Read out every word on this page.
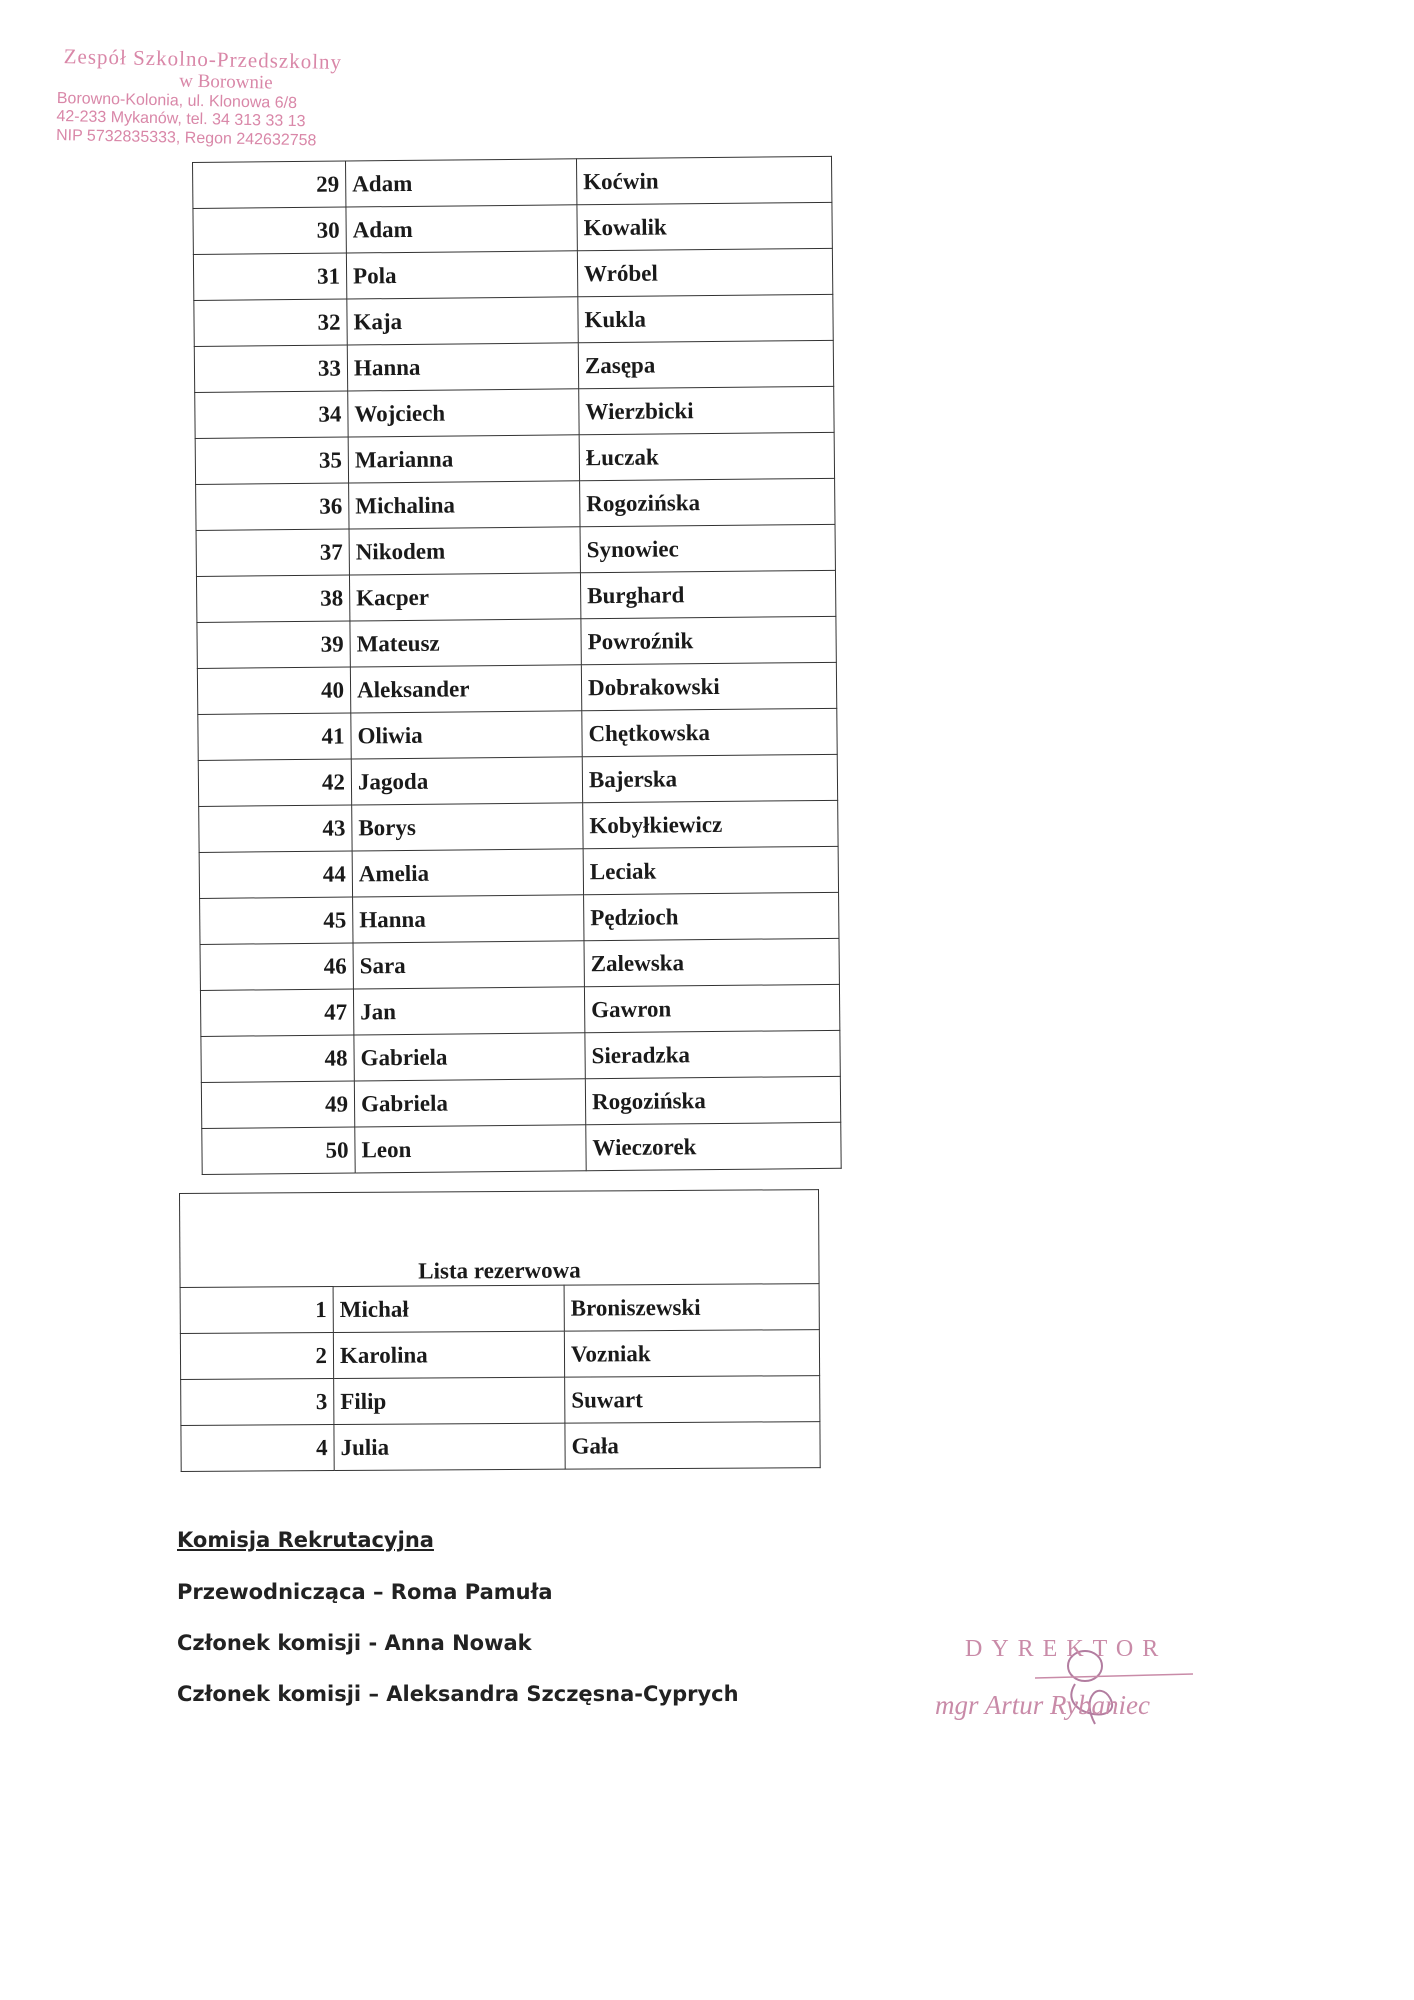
Zespół Szkolno-Przedszkolny
w Borownie
Borowno-Kolonia, ul. Klonowa 6/8
42-233 Mykanów, tel. 34 313 33 13
NIP 5732835333, Regon 242632758
29	Adam	Koćwin
30	Adam	Kowalik
31	Pola	Wróbel
32	Kaja	Kukla
33	Hanna	Zasępa
34	Wojciech	Wierzbicki
35	Marianna	Łuczak
36	Michalina	Rogozińska
37	Nikodem	Synowiec
38	Kacper	Burghard
39	Mateusz	Powroźnik
40	Aleksander	Dobrakowski
41	Oliwia	Chętkowska
42	Jagoda	Bajerska
43	Borys	Kobyłkiewicz
44	Amelia	Leciak
45	Hanna	Pędzioch
46	Sara	Zalewska
47	Jan	Gawron
48	Gabriela	Sieradzka
49	Gabriela	Rogozińska
50	Leon	Wieczorek
Lista rezerwowa		
1	Michał	Broniszewski
2	Karolina	Vozniak
3	Filip	Suwart
4	Julia	Gała
Komisja Rekrutacyjna
Przewodnicząca – Roma Pamuła
Członek komisji - Anna Nowak
Członek komisji – Aleksandra Szczęsna-Cyprych
DYREKTOR
mgr Artur Rybaniec
